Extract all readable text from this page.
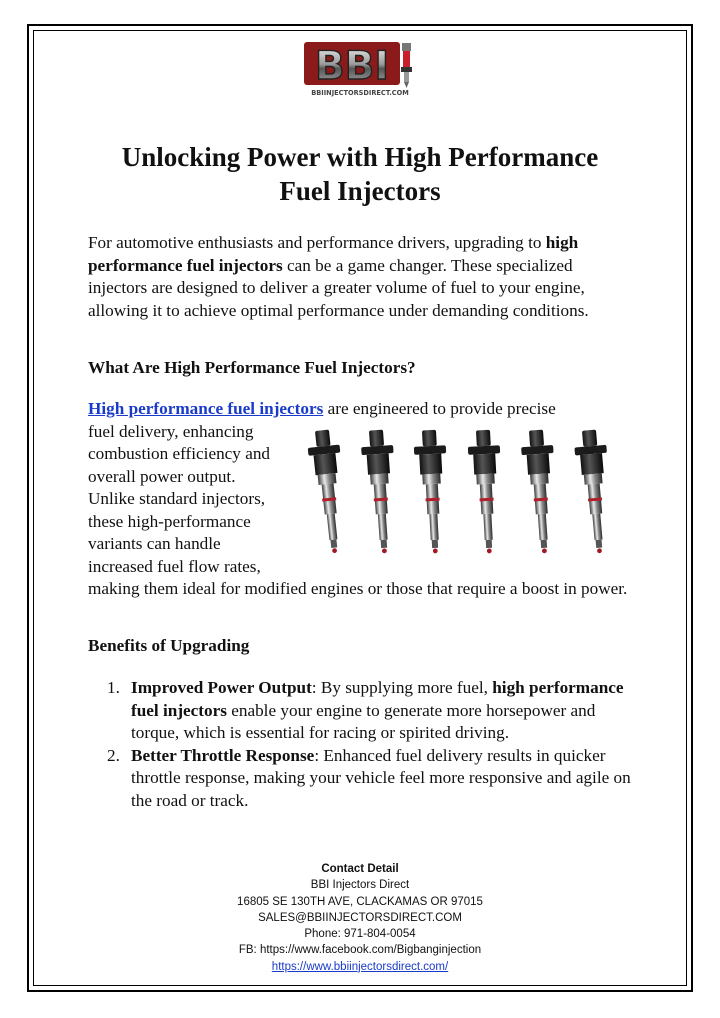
BBI
BBIINJECTORSDIRECT.COM
Unlocking Power with High Performance
Fuel Injectors

For automotive enthusiasts and performance drivers, upgrading to high performance fuel injectors can be a game changer. These specialized injectors are designed to deliver a greater volume of fuel to your engine, allowing it to achieve optimal performance under demanding conditions.

What Are High Performance Fuel Injectors?
High performance fuel injectors are engineered to provide precise
fuel delivery, enhancing
combustion efficiency and
overall power output.
Unlike standard injectors,
these high-performance
variants can handle
increased fuel flow rates,
making them ideal for modified engines or those that require a boost in power.
Benefits of Upgrading
1. Improved Power Output: By supplying more fuel, high performance fuel injectors enable your engine to generate more horsepower and torque, which is essential for racing or spirited driving.
2. Better Throttle Response: Enhanced fuel delivery results in quicker throttle response, making your vehicle feel more responsive and agile on the road or track.
Contact Detail
BBI Injectors Direct
16805 SE 130TH AVE, CLACKAMAS OR 97015
SALES@BBIINJECTORSDIRECT.COM
Phone: 971-804-0054
FB: https://www.facebook.com/Bigbanginjection
https://www.bbiinjectorsdirect.com/
